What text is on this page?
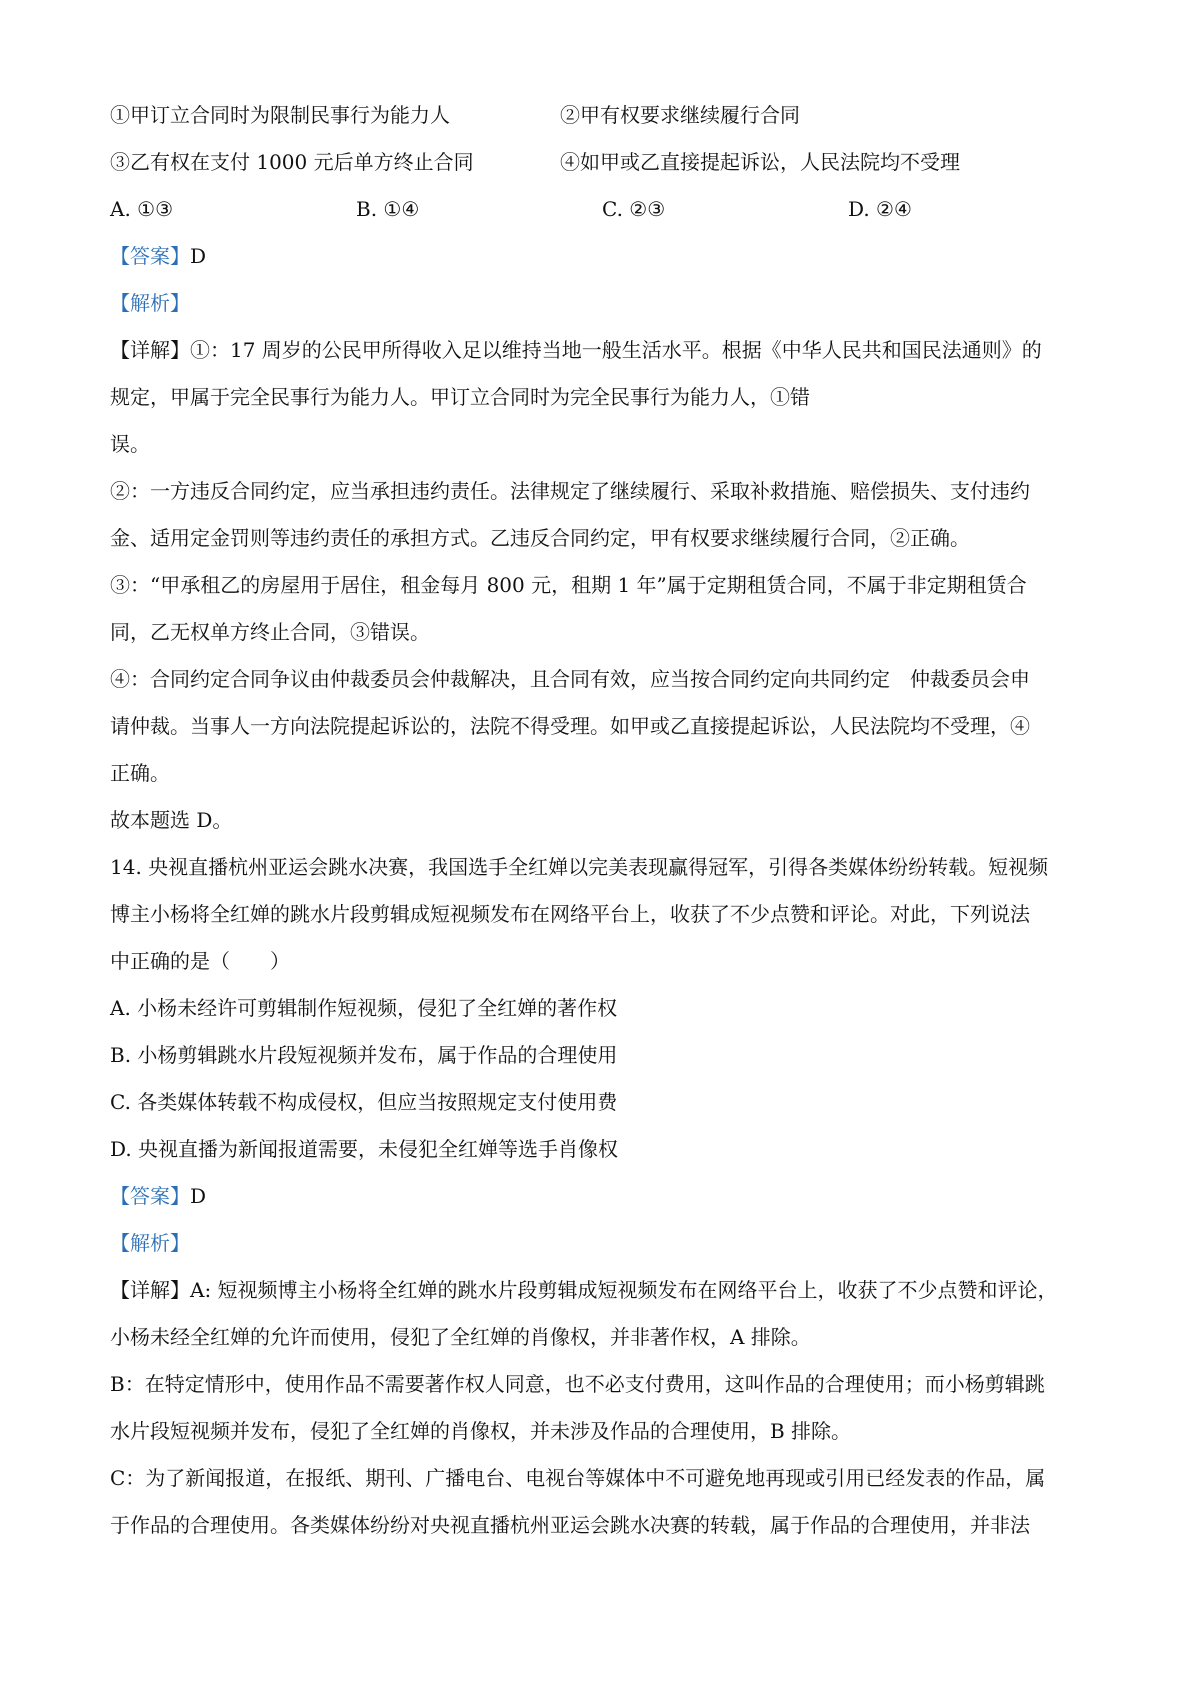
①甲订立合同时为限制民事行为能力人	②甲有权要求继续履行合同
③乙有权在支付 1000 元后单方终止合同	④如甲或乙直接提起诉讼，人民法院均不受理
A. ①③	B. ①④	C. ②③	D. ②④
【答案】D
【解析】
【详解】①：17 周岁的公民甲所得收入足以维持当地一般生活水平。根据《中华人民共和国民法通则》的
规定，甲属于完全民事行为能力人。甲订立合同时为完全民事行为能力人，①错
误。
②：一方违反合同约定，应当承担违约责任。法律规定了继续履行、采取补救措施、赔偿损失、支付违约
金、适用定金罚则等违约责任的承担方式。乙违反合同约定，甲有权要求继续履行合同，②正确。
③：“甲承租乙的房屋用于居住，租金每月 800 元，租期 1 年”属于定期租赁合同，不属于非定期租赁合
同，乙无权单方终止合同，③错误。
④：合同约定合同争议由仲裁委员会仲裁解决，且合同有效，应当按合同约定向共同约定　仲裁委员会申
请仲裁。当事人一方向法院提起诉讼的，法院不得受理。如甲或乙直接提起诉讼，人民法院均不受理，④
正确。
故本题选 D。
14. 央视直播杭州亚运会跳水决赛，我国选手全红婵以完美表现赢得冠军，引得各类媒体纷纷转载。短视频
博主小杨将全红婵的跳水片段剪辑成短视频发布在网络平台上，收获了不少点赞和评论。对此，下列说法
中正确的是（　　）
A. 小杨未经许可剪辑制作短视频，侵犯了全红婵的著作权
B. 小杨剪辑跳水片段短视频并发布，属于作品的合理使用
C. 各类媒体转载不构成侵权，但应当按照规定支付使用费
D. 央视直播为新闻报道需要，未侵犯全红婵等选手肖像权
【答案】D
【解析】
【详解】A: 短视频博主小杨将全红婵的跳水片段剪辑成短视频发布在网络平台上，收获了不少点赞和评论，
小杨未经全红婵的允许而使用，侵犯了全红婵的肖像权，并非著作权，A 排除。
B：在特定情形中，使用作品不需要著作权人同意，也不必支付费用，这叫作品的合理使用；而小杨剪辑跳
水片段短视频并发布，侵犯了全红婵的肖像权，并未涉及作品的合理使用，B 排除。
C：为了新闻报道，在报纸、期刊、广播电台、电视台等媒体中不可避免地再现或引用已经发表的作品，属
于作品的合理使用。各类媒体纷纷对央视直播杭州亚运会跳水决赛的转载，属于作品的合理使用，并非法
